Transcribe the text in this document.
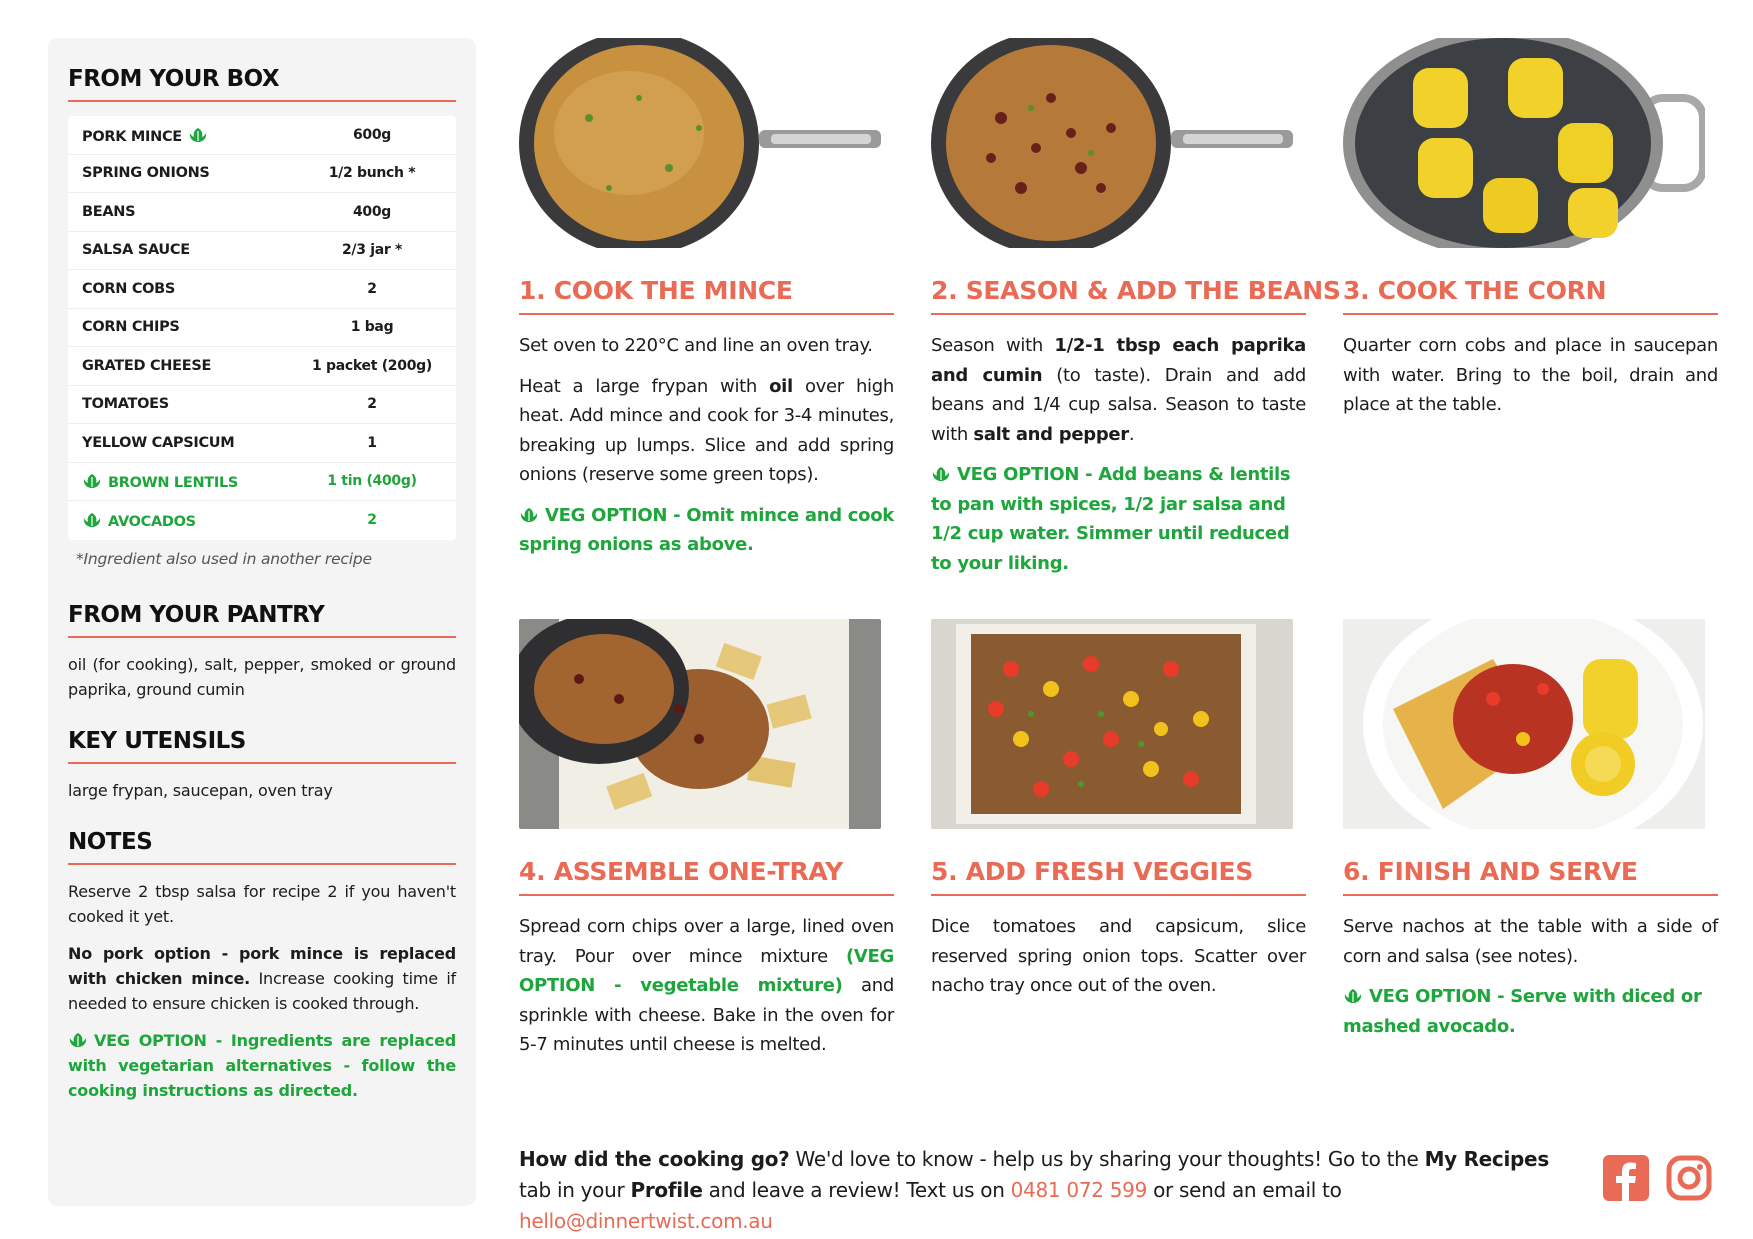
FROM YOUR BOX
PORK MINCE	600g
SPRING ONIONS	1/2 bunch *
BEANS	400g
SALSA SAUCE	2/3 jar *
CORN COBS	2
CORN CHIPS	1 bag
GRATED CHEESE	1 packet (200g)
TOMATOES	2
YELLOW CAPSICUM	1
BROWN LENTILS	1 tin (400g)
AVOCADOS	2
*Ingredient also used in another recipe
FROM YOUR PANTRY
oil (for cooking), salt, pepper, smoked or ground paprika, ground cumin
KEY UTENSILS
large frypan, saucepan, oven tray
NOTES
Reserve 2 tbsp salsa for recipe 2 if you haven't cooked it yet.
No pork option - pork mince is replaced with chicken mince. Increase cooking time if needed to ensure chicken is cooked through.
VEG OPTION - Ingredients are replaced with vegetarian alternatives - follow the cooking instructions as directed.
1. COOK THE MINCE
Set oven to 220°C and line an oven tray.
Heat a large frypan with oil over high heat. Add mince and cook for 3-4 minutes, breaking up lumps. Slice and add spring onions (reserve some green tops).
VEG OPTION - Omit mince and cook spring onions as above.
2. SEASON & ADD THE BEANS
Season with 1/2-1 tbsp each paprika and cumin (to taste). Drain and add beans and 1/4 cup salsa. Season to taste with salt and pepper.
VEG OPTION - Add beans & lentils to pan with spices, 1/2 jar salsa and 1/2 cup water. Simmer until reduced to your liking.
3. COOK THE CORN
Quarter corn cobs and place in saucepan with water. Bring to the boil, drain and place at the table.
4. ASSEMBLE ONE-TRAY
Spread corn chips over a large, lined oven tray. Pour over mince mixture (VEG OPTION - vegetable mixture) and sprinkle with cheese. Bake in the oven for 5-7 minutes until cheese is melted.
5. ADD FRESH VEGGIES
Dice tomatoes and capsicum, slice reserved spring onion tops. Scatter over nacho tray once out of the oven.
6. FINISH AND SERVE
Serve nachos at the table with a side of corn and salsa (see notes).
VEG OPTION - Serve with diced or mashed avocado.
How did the cooking go? We'd love to know - help us by sharing your thoughts! Go to the My Recipes tab in your Profile and leave a review! Text us on 0481 072 599 or send an email to hello@dinnertwist.com.au
